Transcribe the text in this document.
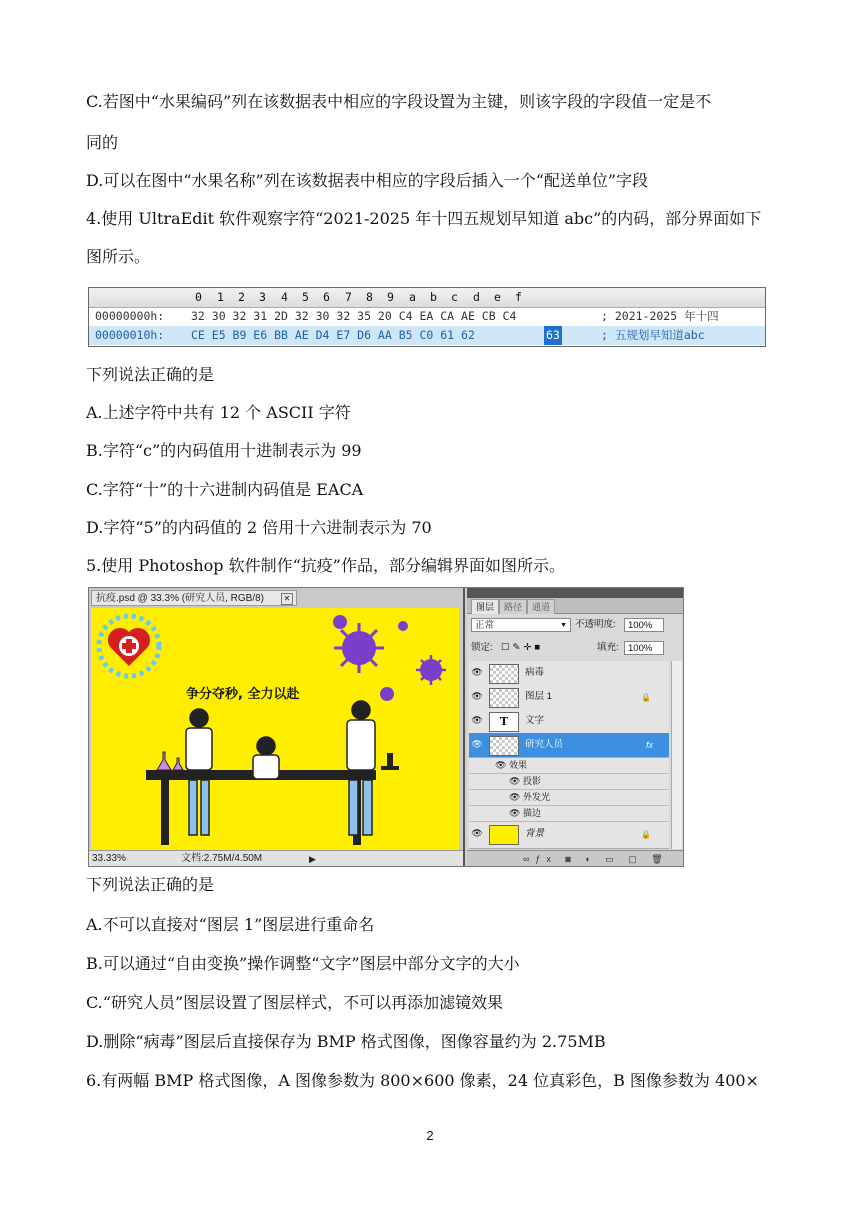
C.若图中“水果编码”列在该数据表中相应的字段设置为主键，则该字段的字段值一定是不
同的
D.可以在图中“水果名称”列在该数据表中相应的字段后插入一个“配送单位”字段
4.使用 UltraEdit 软件观察字符“2021-2025 年十四五规划早知道 abc”的内码，部分界面如下
图所示。
0 1 2 3 4 5 6 7 8 9 a b c d e f
00000000h: 32 30 32 31 2D 32 30 32 35 20 C4 EA CA AE CB C4	; 2021-2025 年十四
00000010h: CE E5 B9 E6 BB AE D4 E7 D6 AA B5 C0 61 62	63	; 五规划早知道abc
下列说法正确的是
A.上述字符中共有 12 个 ASCII 字符
B.字符“c”的内码值用十进制表示为 99
C.字符“十”的十六进制内码值是 EACA
D.字符“5”的内码值的 2 倍用十六进制表示为 70
5.使用 Photoshop 软件制作“抗疫”作品，部分编辑界面如图所示。
抗疫.psd @ 33.3% (研究人员, RGB/8)	✕
争分夺秒, 全力以赴
33.33%	文档:2.75M/4.50M	▶
图层	路径	通道
正常	▼ 不透明度:	100%
锁定: ☐✎✛■	填充: 100%
👁	病毒
👁	图层 1	🔒
👁	T	文字
👁	研究人员	fx
👁 效果
👁 投影
👁 外发光
👁 描边
👁	背景	🔒
∞ƒx ◙ ◐ ▭ ▢ 🗑
下列说法正确的是
A.不可以直接对“图层 1”图层进行重命名
B.可以通过“自由变换”操作调整“文字”图层中部分文字的大小
C.“研究人员”图层设置了图层样式，不可以再添加滤镜效果
D.删除“病毒”图层后直接保存为 BMP 格式图像，图像容量约为 2.75MB
6.有两幅 BMP 格式图像，A 图像参数为 800×600 像素，24 位真彩色，B 图像参数为 400×
2
